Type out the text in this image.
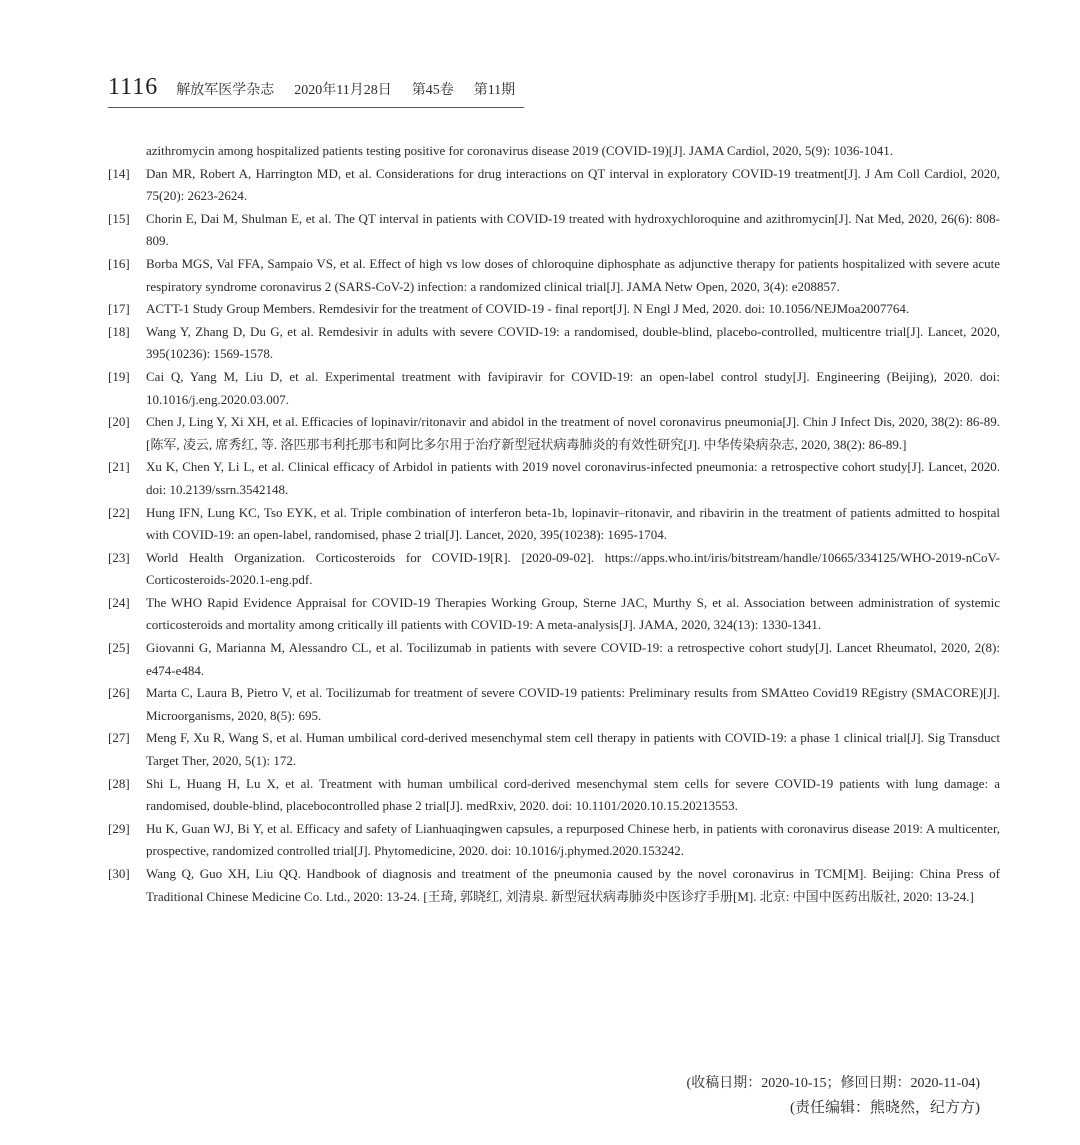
1116 解放军医学杂志 2020年11月28日 第45卷 第11期
azithromycin among hospitalized patients testing positive for coronavirus disease 2019 (COVID-19)[J]. JAMA Cardiol, 2020, 5(9): 1036-1041.
[14]	Dan MR, Robert A, Harrington MD, et al. Considerations for drug interactions on QT interval in exploratory COVID-19 treatment[J]. J Am Coll Cardiol, 2020, 75(20): 2623-2624.
[15]	Chorin E, Dai M, Shulman E, et al. The QT interval in patients with COVID-19 treated with hydroxychloroquine and azithromycin[J]. Nat Med, 2020, 26(6): 808-809.
[16]	Borba MGS, Val FFA, Sampaio VS, et al. Effect of high vs low doses of chloroquine diphosphate as adjunctive therapy for patients hospitalized with severe acute respiratory syndrome coronavirus 2 (SARS-CoV-2) infection: a randomized clinical trial[J]. JAMA Netw Open, 2020, 3(4): e208857.
[17]	ACTT-1 Study Group Members. Remdesivir for the treatment of COVID-19 - final report[J]. N Engl J Med, 2020. doi: 10.1056/NEJMoa2007764.
[18]	Wang Y, Zhang D, Du G, et al. Remdesivir in adults with severe COVID-19: a randomised, double-blind, placebo-controlled, multicentre trial[J]. Lancet, 2020, 395(10236): 1569-1578.
[19]	Cai Q, Yang M, Liu D, et al. Experimental treatment with favipiravir for COVID-19: an open-label control study[J]. Engineering (Beijing), 2020. doi: 10.1016/j.eng.2020.03.007.
[20]	Chen J, Ling Y, Xi XH, et al. Efficacies of lopinavir/ritonavir and abidol in the treatment of novel coronavirus pneumonia[J]. Chin J Infect Dis, 2020, 38(2): 86-89. [陈军, 凌云, 席秀红, 等. 洛匹那韦利托那韦和阿比多尔用于治疗新型冠状病毒肺炎的有效性研究[J]. 中华传染病杂志, 2020, 38(2): 86-89.]
[21]	Xu K, Chen Y, Li L, et al. Clinical efficacy of Arbidol in patients with 2019 novel coronavirus-infected pneumonia: a retrospective cohort study[J]. Lancet, 2020. doi: 10.2139/ssrn.3542148.
[22]	Hung IFN, Lung KC, Tso EYK, et al. Triple combination of interferon beta-1b, lopinavir–ritonavir, and ribavirin in the treatment of patients admitted to hospital with COVID-19: an open-label, randomised, phase 2 trial[J]. Lancet, 2020, 395(10238): 1695-1704.
[23]	World Health Organization. Corticosteroids for COVID-19[R]. [2020-09-02]. https://apps.who.int/iris/bitstream/handle/10665/334125/WHO-2019-nCoV-Corticosteroids-2020.1-eng.pdf.
[24]	The WHO Rapid Evidence Appraisal for COVID-19 Therapies Working Group, Sterne JAC, Murthy S, et al. Association between administration of systemic corticosteroids and mortality among critically ill patients with COVID-19: A meta-analysis[J]. JAMA, 2020, 324(13): 1330-1341.
[25]	Giovanni G, Marianna M, Alessandro CL, et al. Tocilizumab in patients with severe COVID-19: a retrospective cohort study[J]. Lancet Rheumatol, 2020, 2(8): e474-e484.
[26]	Marta C, Laura B, Pietro V, et al. Tocilizumab for treatment of severe COVID-19 patients: Preliminary results from SMAtteo Covid19 REgistry (SMACORE)[J]. Microorganisms, 2020, 8(5): 695.
[27]	Meng F, Xu R, Wang S, et al. Human umbilical cord-derived mesenchymal stem cell therapy in patients with COVID-19: a phase 1 clinical trial[J]. Sig Transduct Target Ther, 2020, 5(1): 172.
[28]	Shi L, Huang H, Lu X, et al. Treatment with human umbilical cord-derived mesenchymal stem cells for severe COVID-19 patients with lung damage: a randomised, double-blind, placebocontrolled phase 2 trial[J]. medRxiv, 2020. doi: 10.1101/2020.10.15.20213553.
[29]	Hu K, Guan WJ, Bi Y, et al. Efficacy and safety of Lianhuaqingwen capsules, a repurposed Chinese herb, in patients with coronavirus disease 2019: A multicenter, prospective, randomized controlled trial[J]. Phytomedicine, 2020. doi: 10.1016/j.phymed.2020.153242.
[30]	Wang Q, Guo XH, Liu QQ. Handbook of diagnosis and treatment of the pneumonia caused by the novel coronavirus in TCM[M]. Beijing: China Press of Traditional Chinese Medicine Co. Ltd., 2020: 13-24. [王琦, 郭晓红, 刘清泉. 新型冠状病毒肺炎中医诊疗手册[M]. 北京: 中国中医药出版社, 2020: 13-24.]
(收稿日期：2020-10-15；修回日期：2020-11-04)
(责任编辑：熊晓然，纪方方)
